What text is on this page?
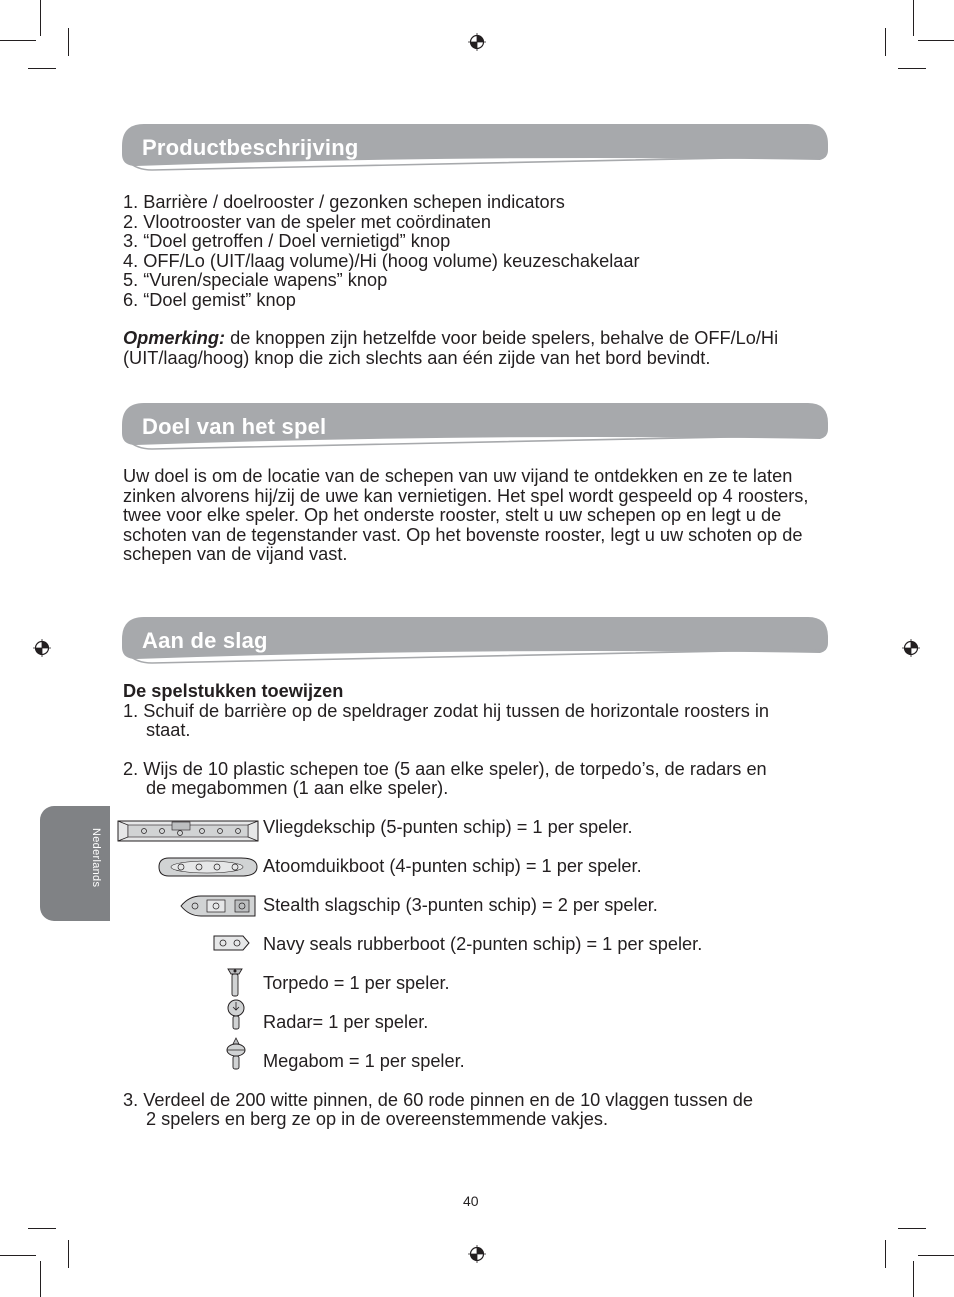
Productbeschrijving
1. Barrière / doelrooster / gezonken schepen indicators
2. Vlootrooster van de speler met coördinaten
3. “Doel getroffen / Doel vernietigd” knop
4. OFF/Lo (UIT/laag volume)/Hi (hoog volume) keuzeschakelaar
5. “Vuren/speciale wapens” knop
6. “Doel gemist” knop
Opmerking: de knoppen zijn hetzelfde voor beide spelers, behalve de OFF/Lo/Hi (UIT/laag/hoog) knop die zich slechts aan één zijde van het bord bevindt.
Doel van het spel
Uw doel is om de locatie van de schepen van uw vijand te ontdekken en ze te laten zinken alvorens hij/zij de uwe kan vernietigen. Het spel wordt gespeeld op 4 roosters, twee voor elke speler. Op het onderste rooster, stelt u uw schepen op en legt u de schoten van de tegenstander vast. Op het bovenste rooster, legt u uw schoten op de schepen van de vijand vast.
Aan de slag
De spelstukken toewijzen
1. Schuif de barrière op de speldrager zodat hij tussen de horizontale roosters in
staat.
2. Wijs de 10 plastic schepen toe (5 aan elke speler), de torpedo’s, de radars en
de megabommen (1 aan elke speler).
Vliegdekschip (5-punten schip) = 1 per speler.
Atoomduikboot (4-punten schip) = 1 per speler.
Stealth slagschip (3-punten schip) = 2 per speler.
Navy seals rubberboot (2-punten schip) = 1 per speler.
Torpedo = 1 per speler.
Radar= 1 per speler.
Megabom = 1 per speler.
3. Verdeel de 200 witte pinnen, de 60 rode pinnen en de 10 vlaggen tussen de
2 spelers en berg ze op in de overeenstemmende vakjes.
Nederlands
40
